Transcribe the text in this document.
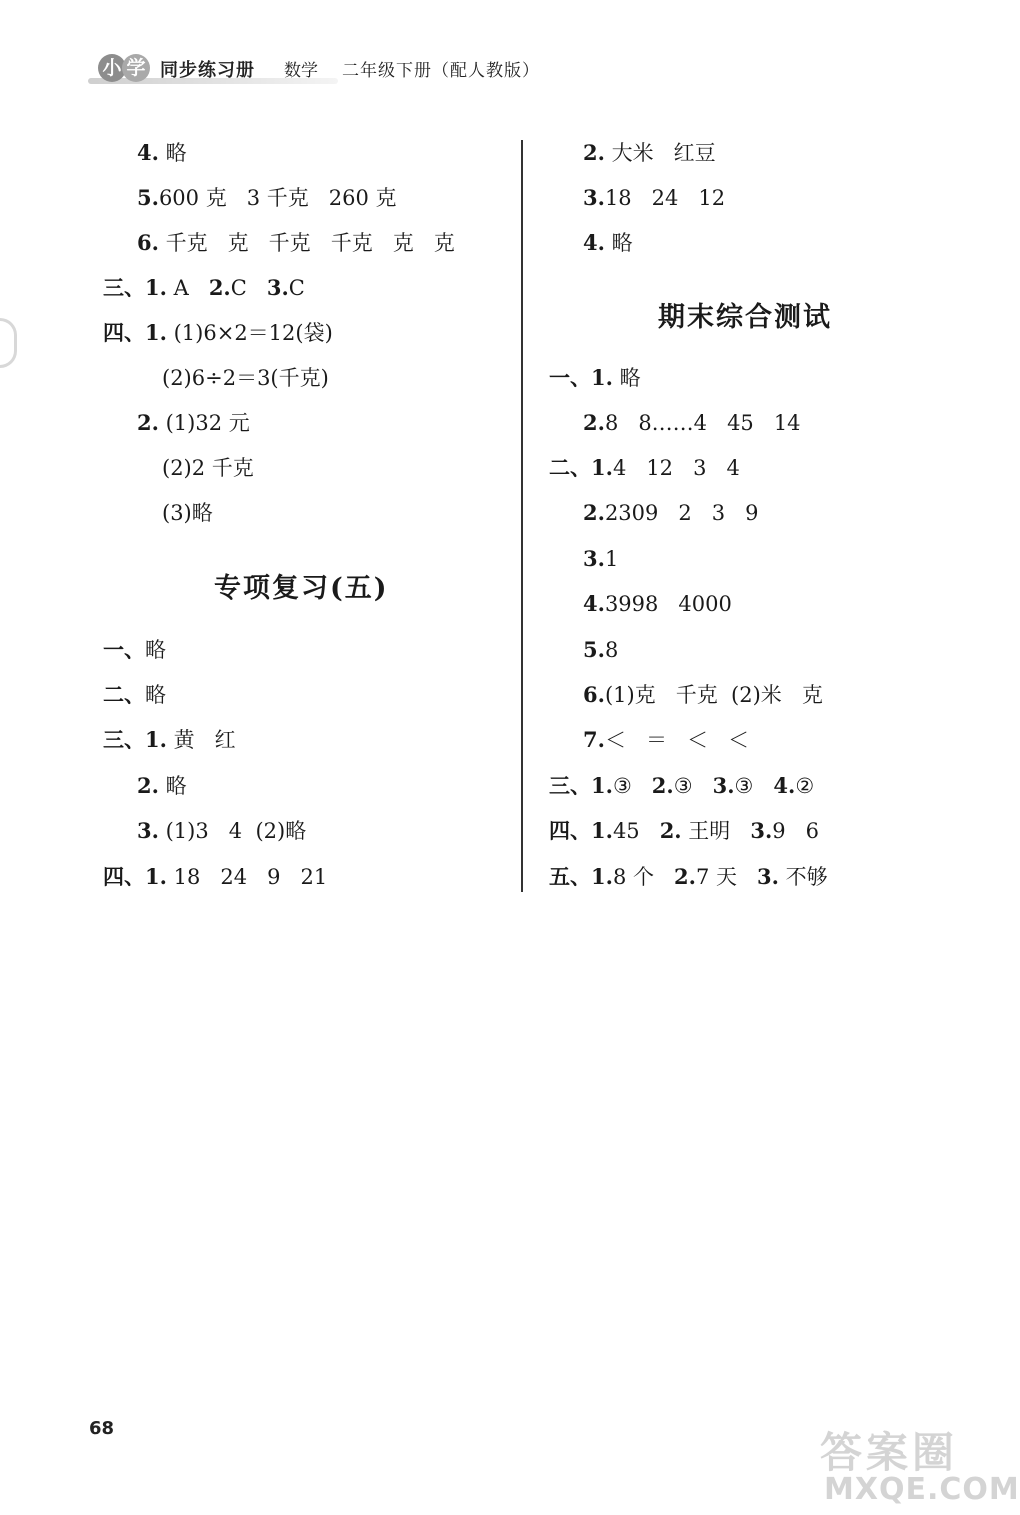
小 学 同步练习册 数学 二年级下册（配人教版）
4. 略
5.600 克   3 千克   260 克
6. 千克   克   千克   千克   克   克
三、1. A   2.C   3.C
四、1. (1)6×2＝12(袋)
(2)6÷2＝3(千克)
2. (1)32 元
(2)2 千克
(3)略
专项复习(五)
一、略
二、略
三、1. 黄   红
2. 略
3. (1)3   4  (2)略
四、1. 18   24   9   21
2. 大米   红豆
3.18   24   12
4. 略
期末综合测试
一、1. 略
2.8   8……4   45   14
二、1.4   12   3   4
2.2309   2   3   9
3.1
4.3998   4000
5.8
6.(1)克   千克  (2)米   克
7.＜   ＝   ＜   ＜
三、1.③   2.③   3.③   4.②
四、1.45   2. 王明   3.9   6
五、1.8 个   2.7 天   3. 不够
68	答案圈
MXQE.COM
